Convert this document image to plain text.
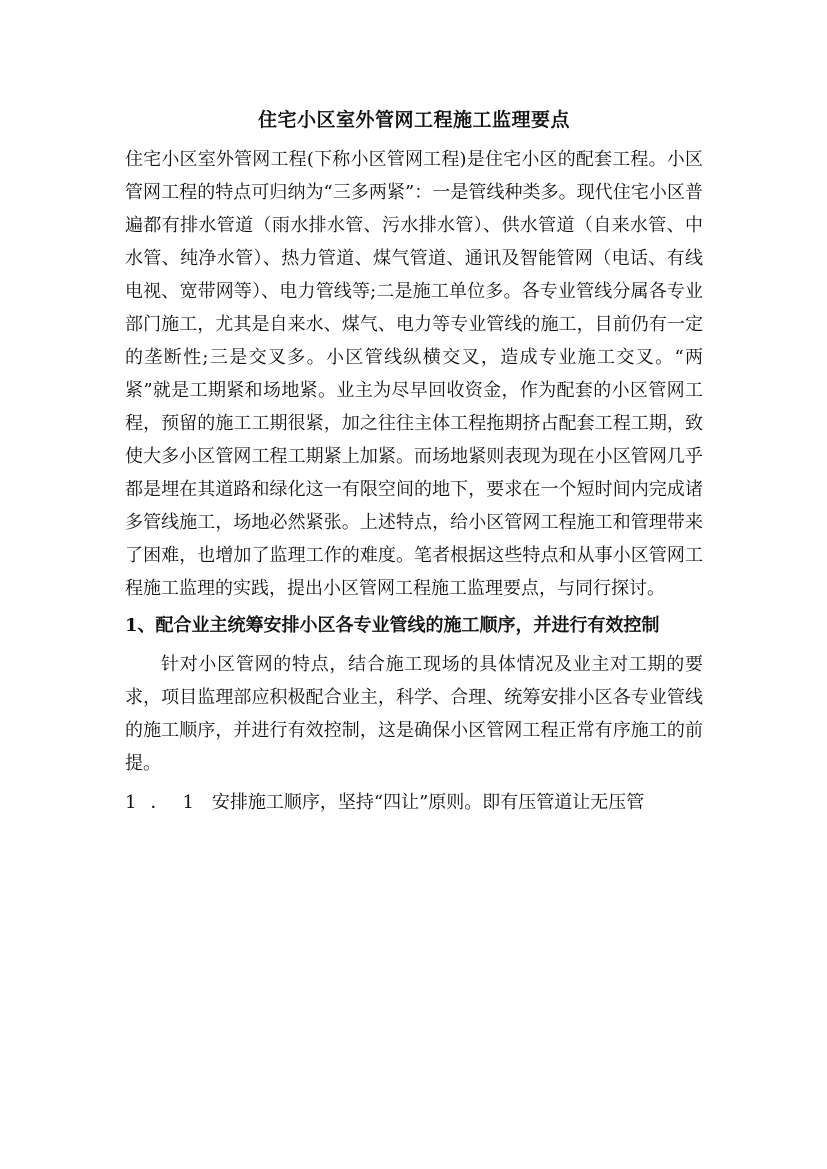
住宅小区室外管网工程施工监理要点

住宅小区室外管网工程(下称小区管网工程)是住宅小区的配套工程。小区管网工程的特点可归纳为“三多两紧”：一是管线种类多。现代住宅小区普遍都有排水管道（雨水排水管、污水排水管）、供水管道（自来水管、中水管、纯净水管）、热力管道、煤气管道、通讯及智能管网（电话、有线电视、宽带网等）、电力管线等;二是施工单位多。各专业管线分属各专业部门施工，尤其是自来水、煤气、电力等专业管线的施工，目前仍有一定的垄断性;三是交叉多。小区管线纵横交叉，造成专业施工交叉。“两紧”就是工期紧和场地紧。业主为尽早回收资金，作为配套的小区管网工程，预留的施工工期很紧，加之往往主体工程拖期挤占配套工程工期，致使大多小区管网工程工期紧上加紧。而场地紧则表现为现在小区管网几乎都是埋在其道路和绿化这一有限空间的地下，要求在一个短时间内完成诸多管线施工，场地必然紧张。上述特点，给小区管网工程施工和管理带来了困难，也增加了监理工作的难度。笔者根据这些特点和从事小区管网工程施工监理的实践，提出小区管网工程施工监理要点，与同行探讨。

1、配合业主统筹安排小区各专业管线的施工顺序，并进行有效控制

针对小区管网的特点，结合施工现场的具体情况及业主对工期的要求，项目监理部应积极配合业主，科学、合理、统筹安排小区各专业管线的施工顺序，并进行有效控制，这是确保小区管网工程正常有序施工的前提。

1．1 安排施工顺序，坚持“四让”原则。即有压管道让无压管
